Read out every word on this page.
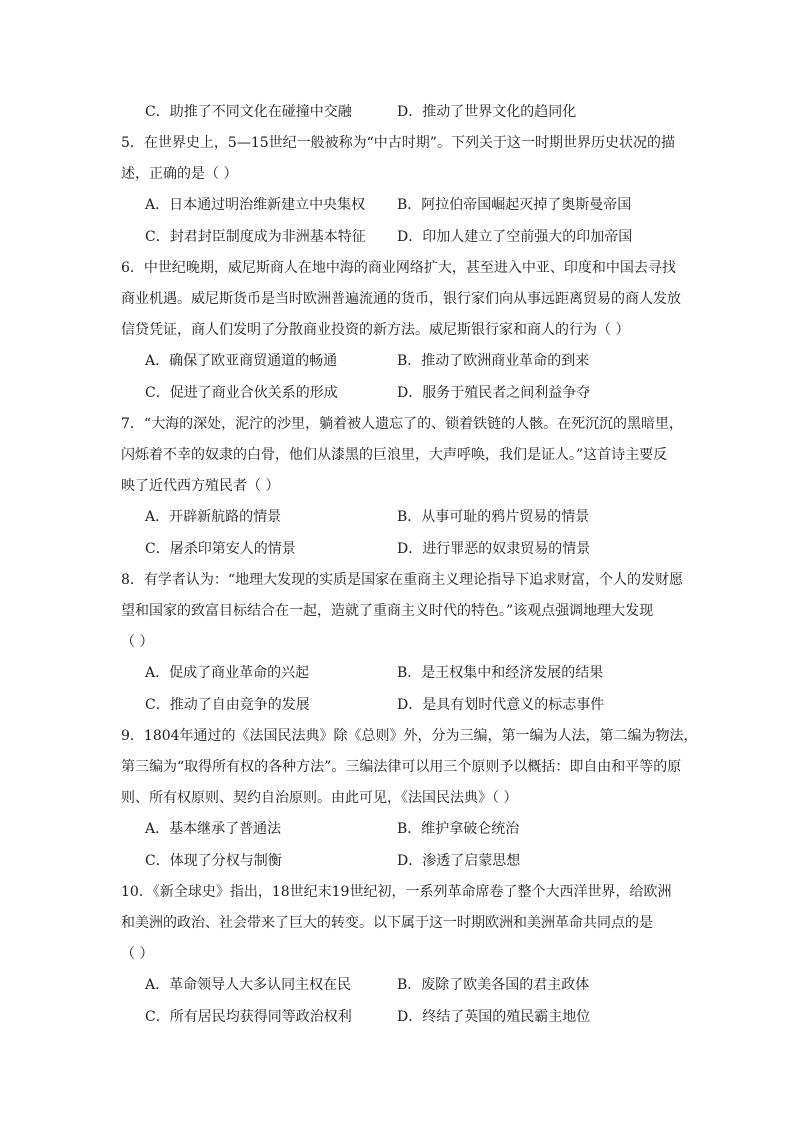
C．助推了不同文化在碰撞中交融	D．推动了世界文化的趋同化
5．在世界史上，5—15世纪一般被称为“中古时期”。下列关于这一时期世界历史状况的描
述，正确的是（ ）
A．日本通过明治维新建立中央集权 B．阿拉伯帝国崛起灭掉了奥斯曼帝国
C．封君封臣制度成为非洲基本特征 D．印加人建立了空前强大的印加帝国
6．中世纪晚期，威尼斯商人在地中海的商业网络扩大，甚至进入中亚、印度和中国去寻找
商业机遇。威尼斯货币是当时欧洲普遍流通的货币，银行家们向从事远距离贸易的商人发放
信贷凭证，商人们发明了分散商业投资的新方法。威尼斯银行家和商人的行为（ ）
A．确保了欧亚商贸通道的畅通	B．推动了欧洲商业革命的到来
C．促进了商业合伙关系的形成	D．服务于殖民者之间利益争夺
7．“大海的深处，泥泞的沙里，躺着被人遗忘了的、锁着铁链的人骸。在死沉沉的黑暗里，
闪烁着不幸的奴隶的白骨，他们从漆黑的巨浪里，大声呼唤，我们是证人。”这首诗主要反
映了近代西方殖民者（ ）
A．开辟新航路的情景	B．从事可耻的鸦片贸易的情景
C．屠杀印第安人的情景	D．进行罪恶的奴隶贸易的情景
8．有学者认为：“地理大发现的实质是国家在重商主义理论指导下追求财富，个人的发财愿
望和国家的致富目标结合在一起，造就了重商主义时代的特色。”该观点强调地理大发现
（ ）
A．促成了商业革命的兴起	B．是王权集中和经济发展的结果
C．推动了自由竞争的发展	D．是具有划时代意义的标志事件
9．1804年通过的《法国民法典》除《总则》外，分为三编，第一编为人法，第二编为物法，
第三编为“取得所有权的各种方法”。三编法律可以用三个原则予以概括：即自由和平等的原
则、所有权原则、契约自治原则。由此可见，《法国民法典》（ ）
A．基本继承了普通法	B．维护拿破仑统治
C．体现了分权与制衡	D．渗透了启蒙思想
10．《新全球史》指出，18世纪末19世纪初，一系列革命席卷了整个大西洋世界，给欧洲
和美洲的政治、社会带来了巨大的转变。以下属于这一时期欧洲和美洲革命共同点的是
（ ）
A．革命领导人大多认同主权在民	B．废除了欧美各国的君主政体
C．所有居民均获得同等政治权利	D．终结了英国的殖民霸主地位
